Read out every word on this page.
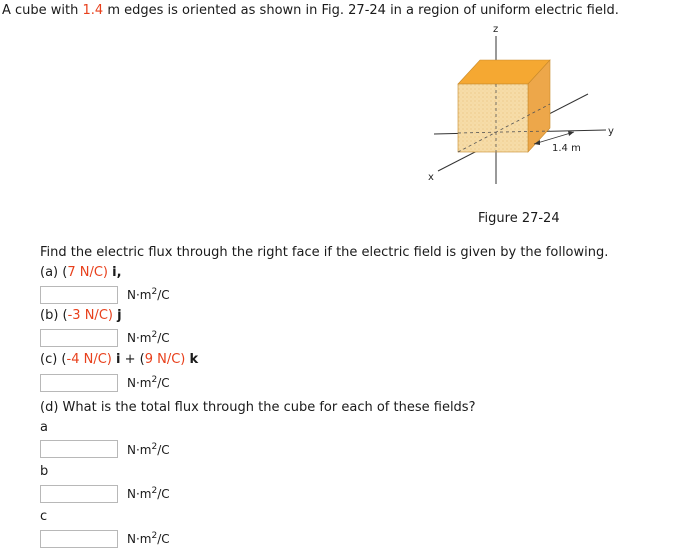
A cube with 1.4 m edges is oriented as shown in Fig. 27-24 in a region of uniform electric field.
z
y
x
1.4 m
Figure 27-24
Find the electric flux through the right face if the electric field is given by the following.
(a) (7 N/C) i,
$N\cdot m^2/C$
(b) (-3 N/C) j
$N\cdot m^2/C$
(c) (-4 N/C) i + (9 N/C) k
$N\cdot m^2/C$
(d) What is the total flux through the cube for each of these fields?
a
$N\cdot m^2/C$
b
$N\cdot m^2/C$
c
$N\cdot m^2/C$
